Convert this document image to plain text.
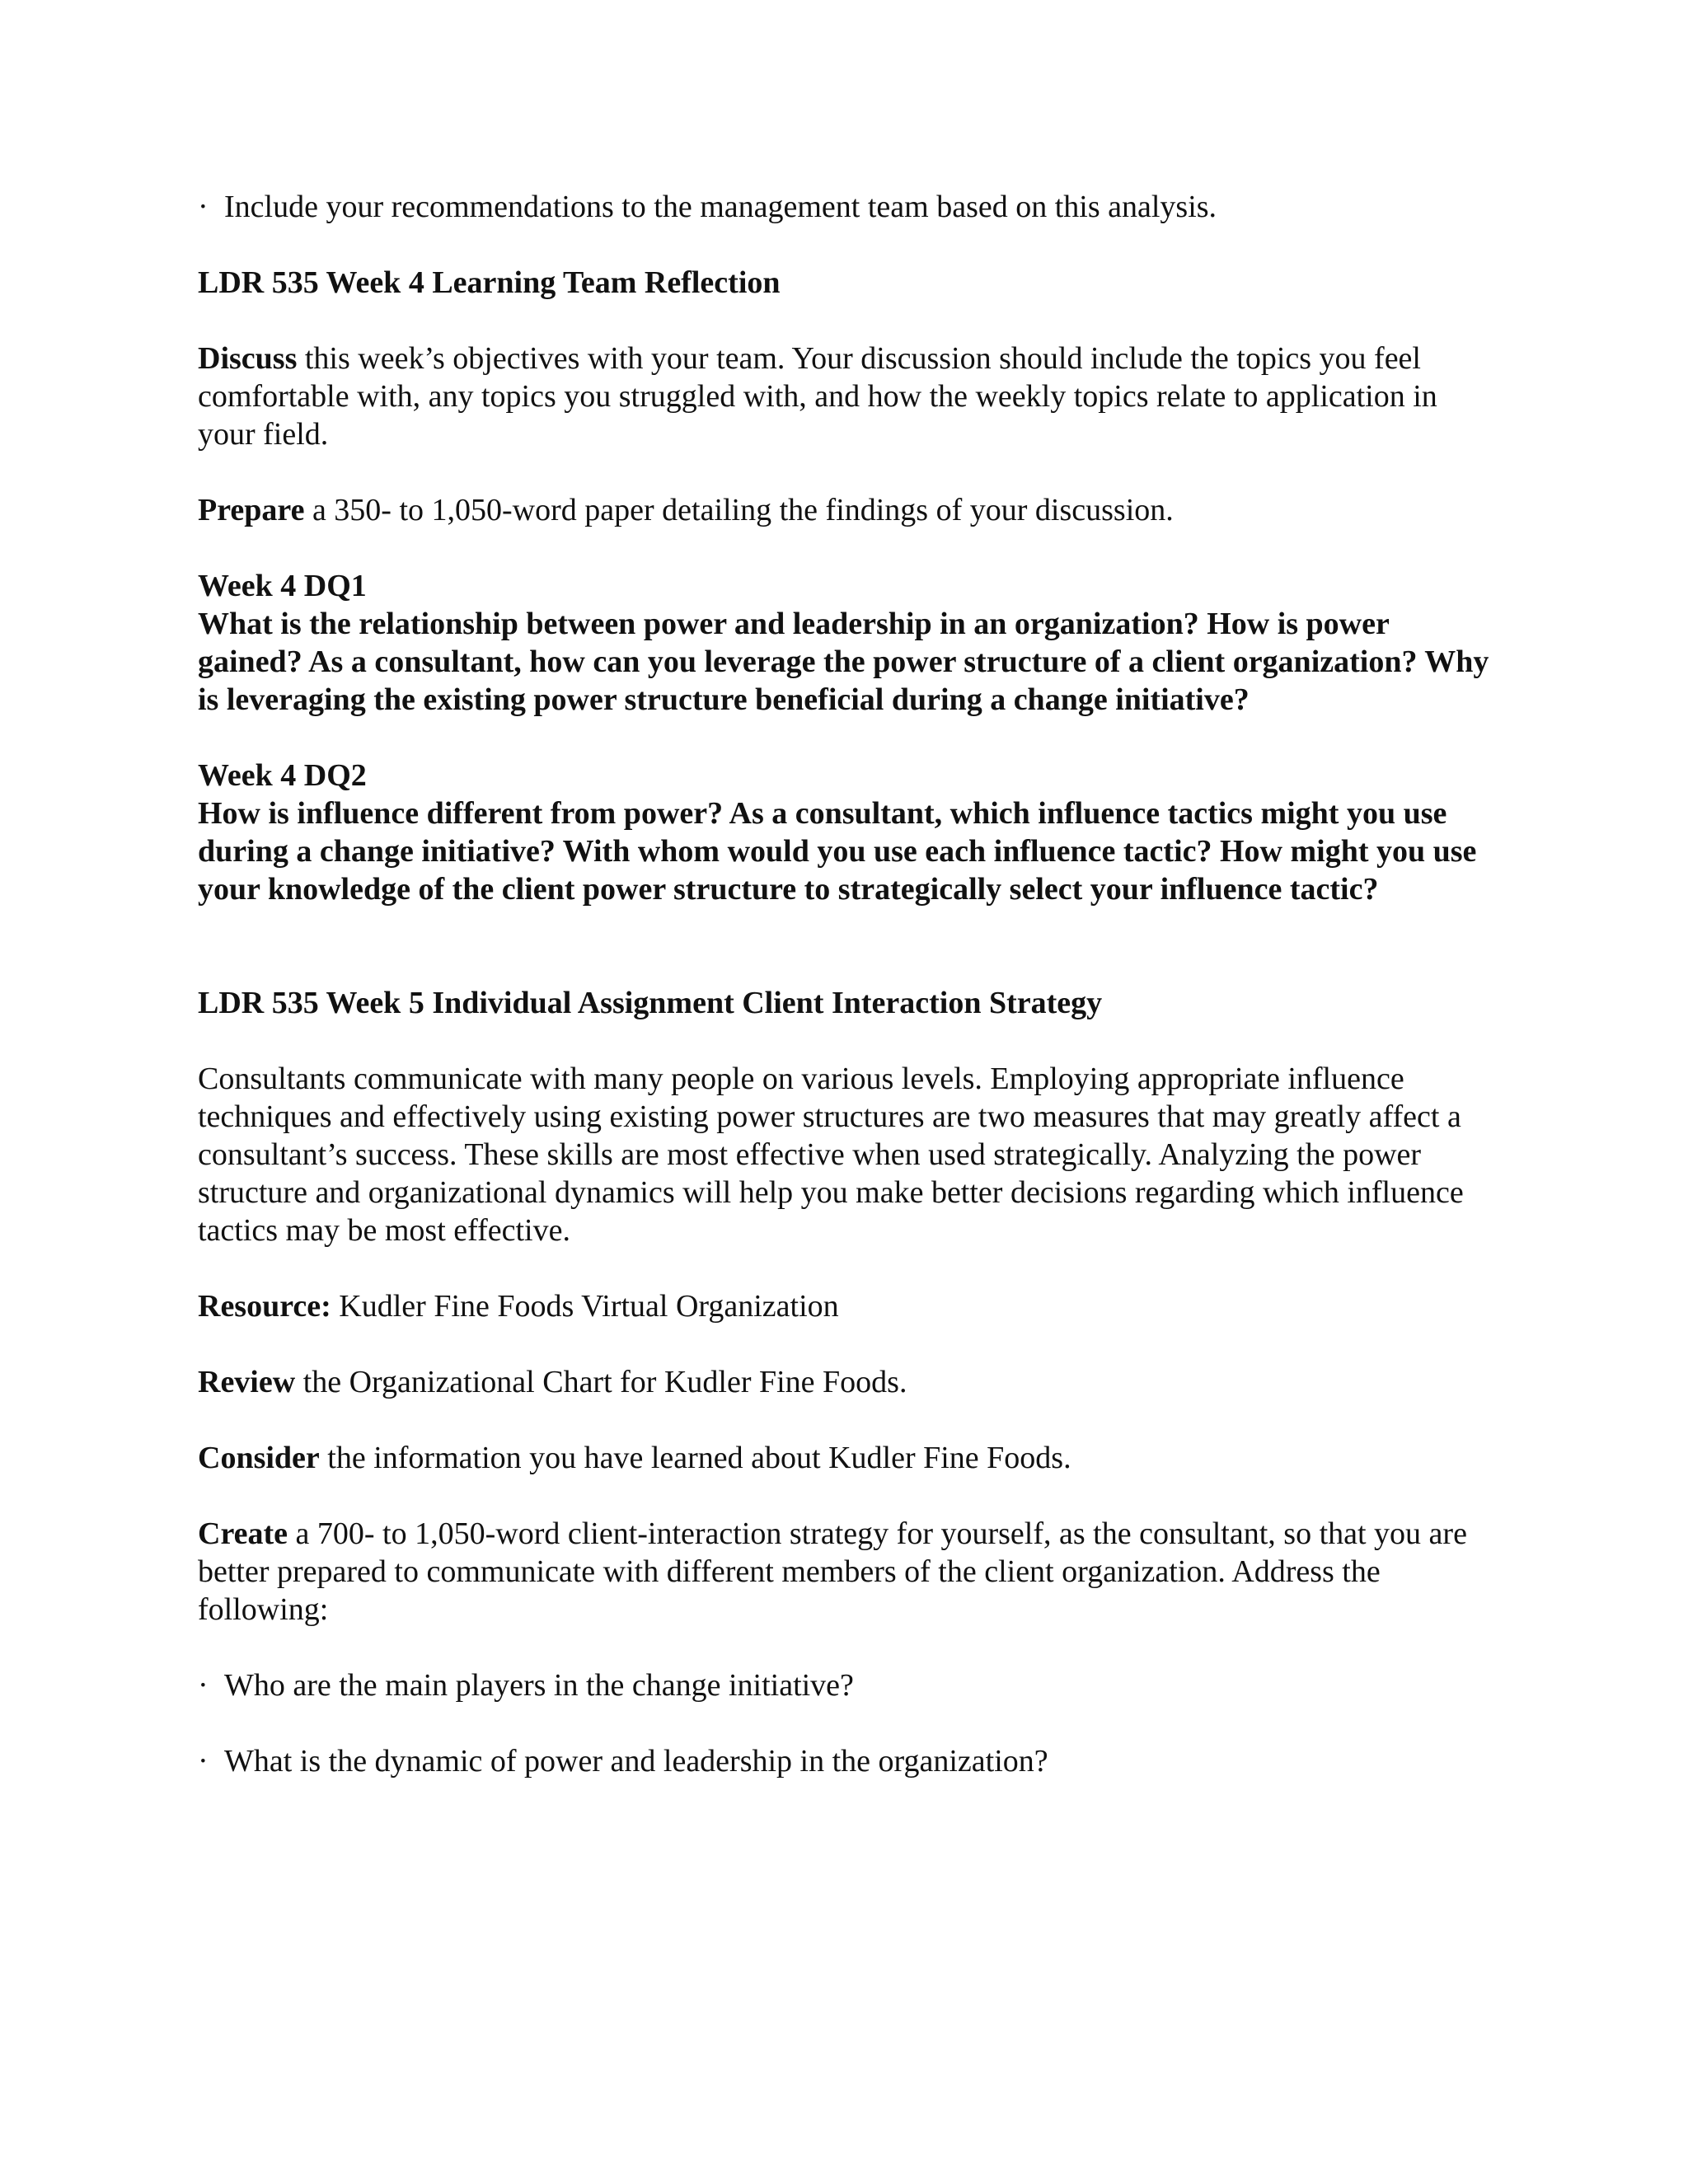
· Include your recommendations to the management team based on this analysis.

LDR 535 Week 4 Learning Team Reflection

Discuss this week’s objectives with your team. Your discussion should include the topics you feel comfortable with, any topics you struggled with, and how the weekly topics relate to application in your field.

Prepare a 350- to 1,050-word paper detailing the findings of your discussion.

Week 4 DQ1
What is the relationship between power and leadership in an organization? How is power gained? As a consultant, how can you leverage the power structure of a client organization? Why is leveraging the existing power structure beneficial during a change initiative?

Week 4 DQ2
How is influence different from power? As a consultant, which influence tactics might you use during a change initiative? With whom would you use each influence tactic? How might you use your knowledge of the client power structure to strategically select your influence tactic?

LDR 535 Week 5 Individual Assignment Client Interaction Strategy

Consultants communicate with many people on various levels. Employing appropriate influence techniques and effectively using existing power structures are two measures that may greatly affect a consultant’s success. These skills are most effective when used strategically. Analyzing the power structure and organizational dynamics will help you make better decisions regarding which influence tactics may be most effective.

Resource: Kudler Fine Foods Virtual Organization

Review the Organizational Chart for Kudler Fine Foods.

Consider the information you have learned about Kudler Fine Foods.

Create a 700- to 1,050-word client-interaction strategy for yourself, as the consultant, so that you are better prepared to communicate with different members of the client organization. Address the following:

· Who are the main players in the change initiative?

· What is the dynamic of power and leadership in the organization?
